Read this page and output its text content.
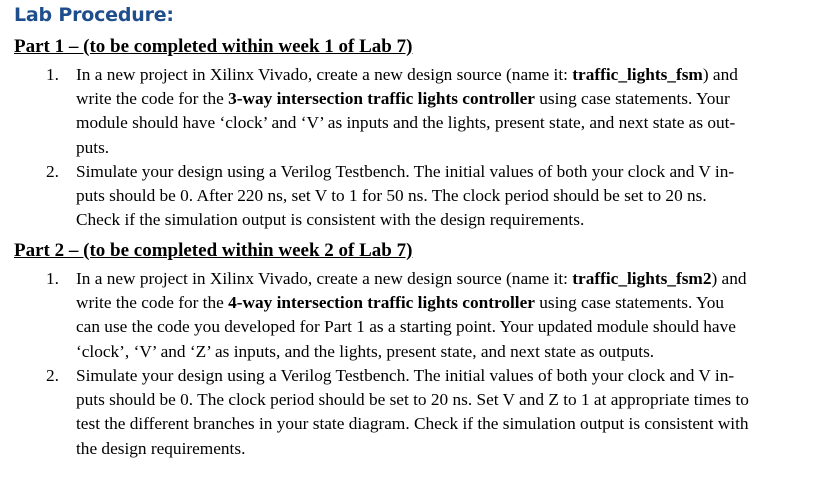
Lab Procedure:
Part 1 – (to be completed within week 1 of Lab 7)
1. In a new project in Xilinx Vivado, create a new design source (name it: traffic_lights_fsm) and
write the code for the 3-way intersection traffic lights controller using case statements. Your
module should have ‘clock’ and ‘V’ as inputs and the lights, present state, and next state as out-
puts.
2. Simulate your design using a Verilog Testbench. The initial values of both your clock and V in-
puts should be 0. After 220 ns, set V to 1 for 50 ns. The clock period should be set to 20 ns.
Check if the simulation output is consistent with the design requirements.
Part 2 – (to be completed within week 2 of Lab 7)
1. In a new project in Xilinx Vivado, create a new design source (name it: traffic_lights_fsm2) and
write the code for the 4-way intersection traffic lights controller using case statements. You
can use the code you developed for Part 1 as a starting point. Your updated module should have
‘clock’, ‘V’ and ‘Z’ as inputs, and the lights, present state, and next state as outputs.
2. Simulate your design using a Verilog Testbench. The initial values of both your clock and V in-
puts should be 0. The clock period should be set to 20 ns. Set V and Z to 1 at appropriate times to
test the different branches in your state diagram. Check if the simulation output is consistent with
the design requirements.
